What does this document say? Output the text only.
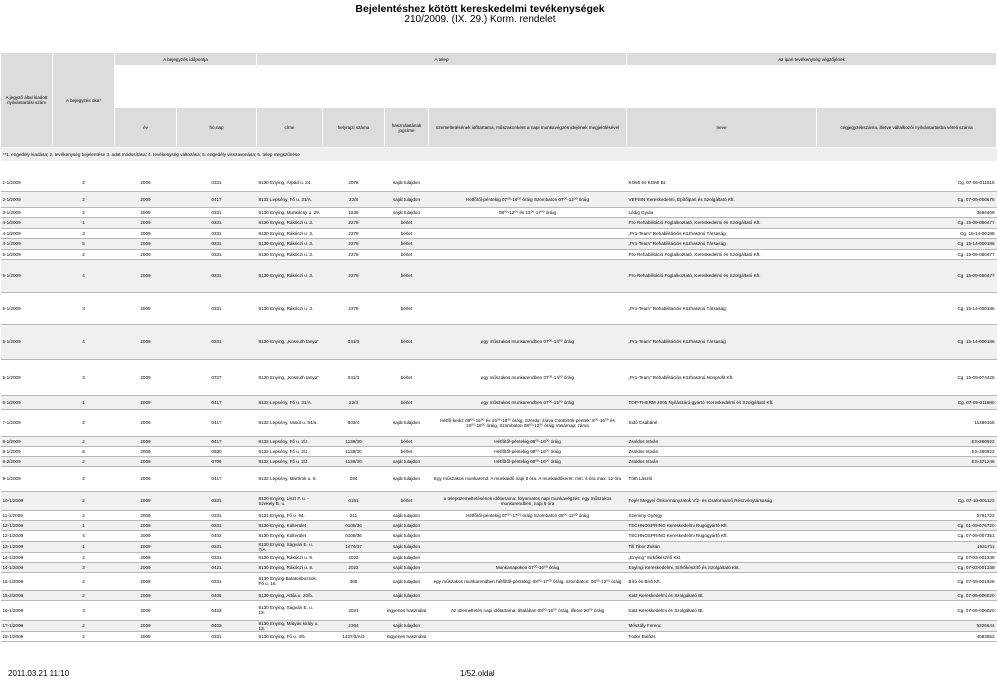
Bejelentéshez kötött kereskedelmi tevékenységek
210/2009. (IX. 29.) Korm. rendelet
A jegyző által kiadott nyilvántartási szám	A bejegyzés oka*	A bejegyzés időpontja		A telep				Az ipari tevékenység végzőjének	

		év	hó,nap	címe	helyrajzi száma	használatának jogcíme	üzemeltetésének időtartama, műszakonként a napi munkavégzés idejének megjelölésével	neve	cégjegyzékszáma, illetve vállalkozói nyilvántartásba vételi száma
**1. engedély kiadása; 2. tevékenység bejelentése 3. adat módosítása; 4. tevékenység változása; 5. engedély visszavonása; 6. telep megszűnése									

1-1/2009	2	2009	0331	8130 Enying, Árpád u. 24.	2078	saját tulajdon		KOMI és KOMI Bt.	Cg. 07-06-011516
2-1/2009	2	2009	0417	8132 Lepsény, Fő u. 31/A.	22/8	saját tulajdon	Hétfőtől-péntekig 07⁰⁰-16⁰⁰ óráig Szombaton 07⁰⁰-12⁰⁰ óráig	VEPSIN Kereskedelmi, Építőipari és Szolgáltató Kft.	Cg. 07-09-006675
3-1/2009	2	2009	0331	8130 Enying, Munkácsy u. 29.	1635	saját tulajdon	08⁰⁰-12⁰⁰ és 13⁰⁰-17⁰⁰ óráig	Lédig Gyula	3694409
4-1/2009	1	2009	0331	8130 Enying, Rákóczi u. 3.	2278	bérlet		Pro Rehabilitáció Foglalkoztató, Kereskedelmi és Szolgáltató Kft.	Cg. 15-09-060477
4-1/2009	3	2009	0331	8130 Enying, Rákóczi u. 3.	2278	bérlet		„Pro-Team” Rehabilitációs Közhasznú Társaság	Cg. 15-14-00186
4-1/2009	5	2009	0331	8130 Enying, Rákóczi u. 3.	2278	bérlet		„Pro-Team” Rehabilitációs Közhasznú Társaság	Cg. 15-14-000186
5-1/2009	2	2009	0331	8130 Enying, Rákóczi u. 3.	2278	bérlet		Pro Rehabilitáció Foglalkoztató, Kereskedelmi és Szolgáltató Kft.	Cg. 15-09-060477
5-1/2009	4	2009	0331	8130 Enying, Rákóczi u. 3.	2278	bérlet		Pro Rehabilitáció Foglalkoztató, Kereskedelmi és Szolgáltató Kft.	Cg. 15-09-060477
5-1/2009	3	2009	0331	8130 Enying, Rákóczi u. 3.	2278	bérlet		„Pro-Team” Rehabilitációs Közhasznú Társaság	Cg. 15-14-000186
5-1/2009	4	2009	0331	8130 Enying, „Kossuth tanya”	041/3	bérlet	egy műszakos munkarendben 07⁰⁰-14⁰⁰ óráig	„Pro-Team” Rehabilitációs Közhasznú Társaság	Cg. 15-14-000186
5-1/2009	3	2009	0727	8130 Enying, „Kossuth tanya”	041/3	bérlet	egy műszakos munkarendben 07⁰⁰-14⁰⁰ óráig	„Pro-Team” Rehabilitációs Közhasznú Nonprofit Kft.	Cg. 15-09-074426
6-1/2009	1	2009	0417	8132 Lepsény, Fő u. 31/A.	22/3	bérlet	egy műszakos munkarendben 07⁰⁰-15⁰⁰ óráig	TOP-THERM 2006 Nyílászáró-gyártó -Kereskedelmi és Szolgáltató Kft.	Cg. 07-09-011880
7-1/2009	2	2009	0417	8132 Lepsény, Vasút u. 84/a.	603/4	saját tulajdon	Hétfő-kedd: 08⁰⁰-16⁰⁰ és 16⁰⁰-18⁰⁰ óráig, Szerda: zárva Csütörtök-péntek: 8⁰⁰-16⁰⁰ és 16⁰⁰-18⁰⁰ óráig, Szombaton 08⁰⁰-12⁰⁰ óráig Vasárnap: zárva	Sidó Csabáné	11389156
8-1/2009	2	2009	0417	8132 Lepsény, Fő u. 2/J.	1138/30	bérlet	Hétfőtől-péntekig 08⁰⁰-16⁰⁰ óráig	Zsoldos István	ES-360922
8-1/2009	6	2009	0630	8132 Lepsény, Fő u. 2/J.	1138/30	bérlet	Hétfőtől-péntekig 08⁰⁰-16⁰⁰ óráig	Zsoldos István	ES-360922
8-2/2009	2	2009	0706	8132 Lepsény, Fő u. 2/J.	1138/30	saját tulajdon	Hétfőtől-péntekig 08⁰⁰-16⁰⁰ óráig	Zsoldos István	ES-371246
9-1/2009	2	2009	0417	8132 Lepsény, Mártírok u. 6.	294	saját tulajdon	Egy műszakos munkarend. A munkaidő napi 8 óra. A munkaidőkeret: min. 4 óra max. 12 óra	Tóth László	
10-1/2009	2	2009	0331	8130 Enying, Liszt F. u. - Szekely B. u.	0151	bérlet	a telepüzemeltetésének időtartama: folyamatos napi munkavégzés: egy műszakos munkarendben, napi 8 óra	Fejér Megyei Önkormányzatok Víz- és Csatornamű Részvénytársaság	Cg. 07-10-001122
11-1/2009	2	2009	0331	8131 Enying, Fő u. 94.	211	saját tulajdon	Hétfőtől-péntekig 07⁰⁰-17⁰⁰ óráig Szombaton 08⁰⁰-12⁰⁰ óráig	Szenimy György	5791722
12-1/2009	1	2009	0331	8130 Enying, Külterület	0108/36	saját tulajdon		TECHNOSPRING Kereskedelmi Rugógyártó Kft.	Cg. 01-09-076720
12-1/2009	4	2009	0402	8130 Enying, Külterület	0108/36	saját tulajdon		TECHNOSPRING Kereskedelmi Rugógyártó Kft.	Cg. 07-09-007351
13-1/2009	1	2009	0331	8130 Enying, Ságvári E. u. 7/A.	1474/37	saját tulajdon		Till Tibor Zoltán	1531711
14-1/2009	2	2009	0331	8130 Enying, Rákóczi u. 8.	2022	saját tulajdon		„Enying” Sírkőkészítő Kkt.	Cg. 07-03-001339
14-1/2009	3	2009	0421	8130 Enying, Rákóczi u. 8.	2022	saját tulajdon	Munkanapokon 07⁰⁰-16⁰⁰ óráig	Enyingi Kereskedelmi, Sírkőkészítő és Szolgáltató Kkt.	Cg. 07-03-001339
15-1/2009	2	2009	0331	8130 Enying-Balatonbozsok, Fő u. 16.	305	saját tulajdon	egy műszakos munkarendben hétfőtől-péntekig: 08⁰⁰-17⁰⁰ óráig, szombaton: 08⁰⁰-12⁰⁰ óráig	Bíró és Bíró Kft.	Cg. 07-09-001928
15-2/2009	2	2009	0406	8130 Enying, Attila u. 20/b.		saját tulajdon		Katz Kereskedelmi és Szolgáltató Bt.	Cg. 07-06-006020
16-1/2009	3	2009	0422	8130 Enying, Ságvári E. u. 18.	2031	ingyenes használat	Az üzemeltetés napi időtartama: általában 08⁰⁰-16⁰⁰ óráig, illetve 20⁰⁰ óráig	Katz Kereskedelmi és Szolgáltató Bt.	Cg. 07-06-006020
17-1/2009	2	2009	0403	8130 Enying, Mátyás király u. 13.	2364	saját tulajdon		Mészáfy Ferenc	5326644
18-1/2009	2	2009	0331	8130 Enying, Fő u. 4/5.	1437/3/A/3	ingyenes használat		Fodor Balázs	4083652
2011.03.21 11:10	1/52.oldal
